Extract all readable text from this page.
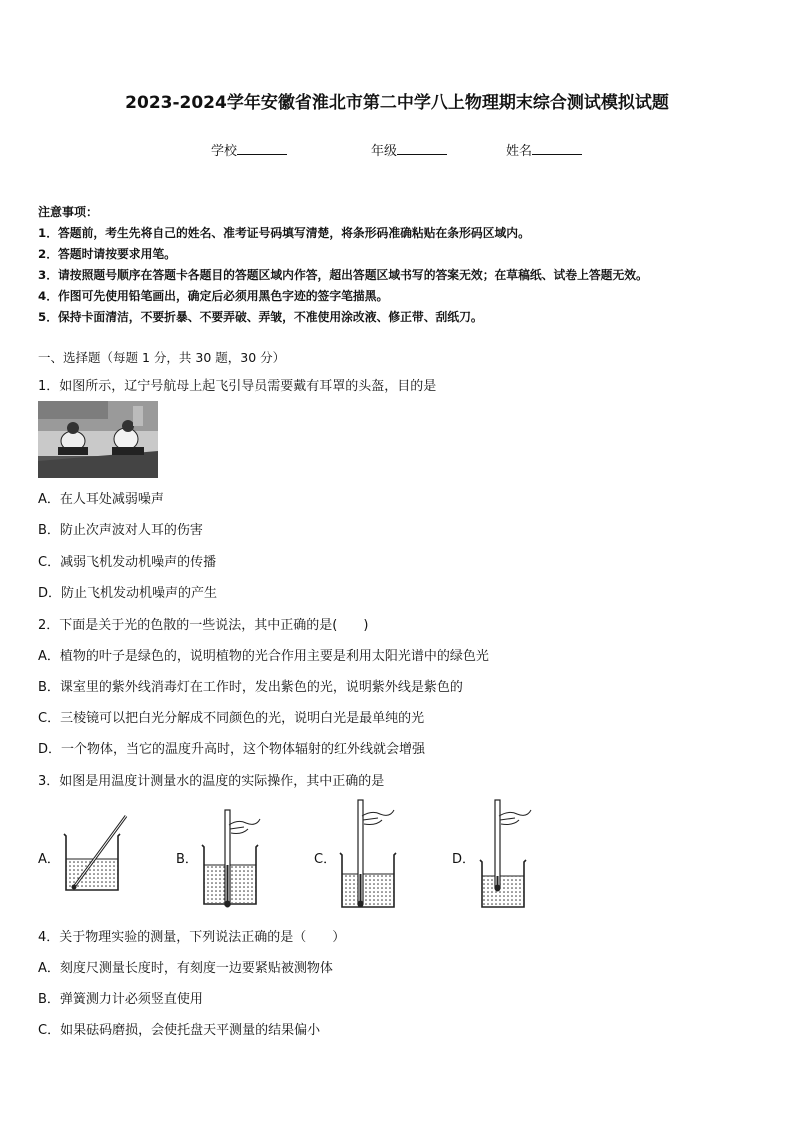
2023-2024学年安徽省淮北市第二中学八上物理期末综合测试模拟试题
学校	年级	姓名
注意事项：
1．答题前，考生先将自己的姓名、准考证号码填写清楚，将条形码准确粘贴在条形码区域内。
2．答题时请按要求用笔。
3．请按照题号顺序在答题卡各题目的答题区域内作答，超出答题区域书写的答案无效；在草稿纸、试卷上答题无效。
4．作图可先使用铅笔画出，确定后必须用黑色字迹的签字笔描黑。
5．保持卡面清洁，不要折暴、不要弄破、弄皱，不准使用涂改液、修正带、刮纸刀。
一、选择题（每题 1 分，共 30 题，30 分）
1．如图所示，辽宁号航母上起飞引导员需要戴有耳罩的头盔，目的是
A．在人耳处减弱噪声
B．防止次声波对人耳的伤害
C．减弱飞机发动机噪声的传播
D．防止飞机发动机噪声的产生
2．下面是关于光的色散的一些说法，其中正确的是(　　)
A．植物的叶子是绿色的，说明植物的光合作用主要是利用太阳光谱中的绿色光
B．课室里的紫外线消毒灯在工作时，发出紫色的光，说明紫外线是紫色的
C．三棱镜可以把白光分解成不同颜色的光，说明白光是最单纯的光
D．一个物体，当它的温度升高时，这个物体辐射的红外线就会增强
3．如图是用温度计测量水的温度的实际操作，其中正确的是
A．	B．	C．	D．
4．关于物理实验的测量，下列说法正确的是（　　）
A．刻度尺测量长度时，有刻度一边要紧贴被测物体
B．弹簧测力计必须竖直使用
C．如果砝码磨损，会使托盘天平测量的结果偏小
